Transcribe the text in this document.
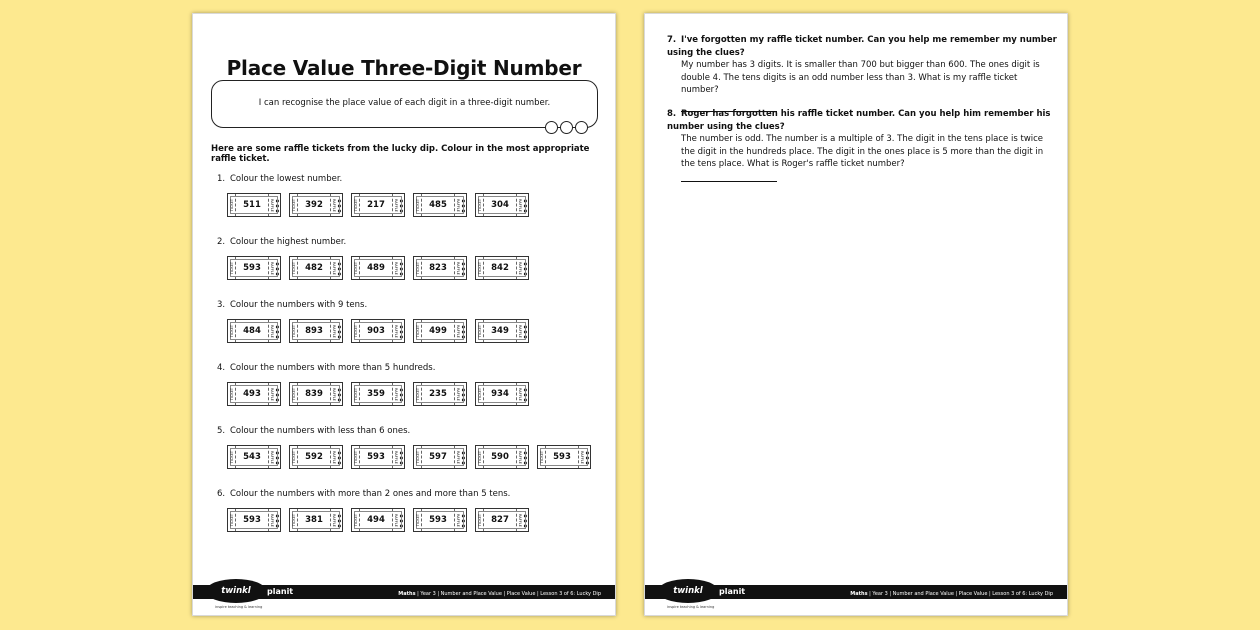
Place Value Three-Digit Number
I can recognise the place value of each digit in a three-digit number.
Here are some raffle tickets from the lucky dip. Colour in the most appropriate raffle ticket.
1. Colour the lowest number.
TICKET	511	RAFFLE ●●●	TICKET	392	RAFFLE ●●●	TICKET	217	RAFFLE ●●●	TICKET	485	RAFFLE ●●●	TICKET	304	RAFFLE ●●●
2. Colour the highest number.
TICKET	593	RAFFLE ●●●	TICKET	482	RAFFLE ●●●	TICKET	489	RAFFLE ●●●	TICKET	823	RAFFLE ●●●	TICKET	842	RAFFLE ●●●
3. Colour the numbers with 9 tens.
TICKET	484	RAFFLE ●●●	TICKET	893	RAFFLE ●●●	TICKET	903	RAFFLE ●●●	TICKET	499	RAFFLE ●●●	TICKET	349	RAFFLE ●●●
4. Colour the numbers with more than 5 hundreds.
TICKET	493	RAFFLE ●●●	TICKET	839	RAFFLE ●●●	TICKET	359	RAFFLE ●●●	TICKET	235	RAFFLE ●●●	TICKET	934	RAFFLE ●●●
5. Colour the numbers with less than 6 ones.
TICKET	543	RAFFLE ●●●	TICKET	592	RAFFLE ●●●	TICKET	593	RAFFLE ●●●	TICKET	597	RAFFLE ●●●	TICKET	590	RAFFLE ●●●	TICKET	593	RAFFLE ●●●
6. Colour the numbers with more than 2 ones and more than 5 tens.
TICKET	593	RAFFLE ●●●	TICKET	381	RAFFLE ●●●	TICKET	494	RAFFLE ●●●	TICKET	593	RAFFLE ●●●	TICKET	827	RAFFLE ●●●
Maths | Year 3 | Number and Place Value | Place Value | Lesson 3 of 6: Lucky Dip
twinkl planit
inspire teaching & learning
7. I've forgotten my raffle ticket number. Can you help me remember my number using the clues?
My number has 3 digits. It is smaller than 700 but bigger than 600. The ones digit is double 4. The tens digits is an odd number less than 3. What is my raffle ticket number?
8. Roger has forgotten his raffle ticket number. Can you help him remember his number using the clues?
The number is odd. The number is a multiple of 3. The digit in the tens place is twice the digit in the hundreds place. The digit in the ones place is 5 more than the digit in the tens place. What is Roger's raffle ticket number?
Maths | Year 3 | Number and Place Value | Place Value | Lesson 3 of 6: Lucky Dip
twinkl planit
inspire teaching & learning
